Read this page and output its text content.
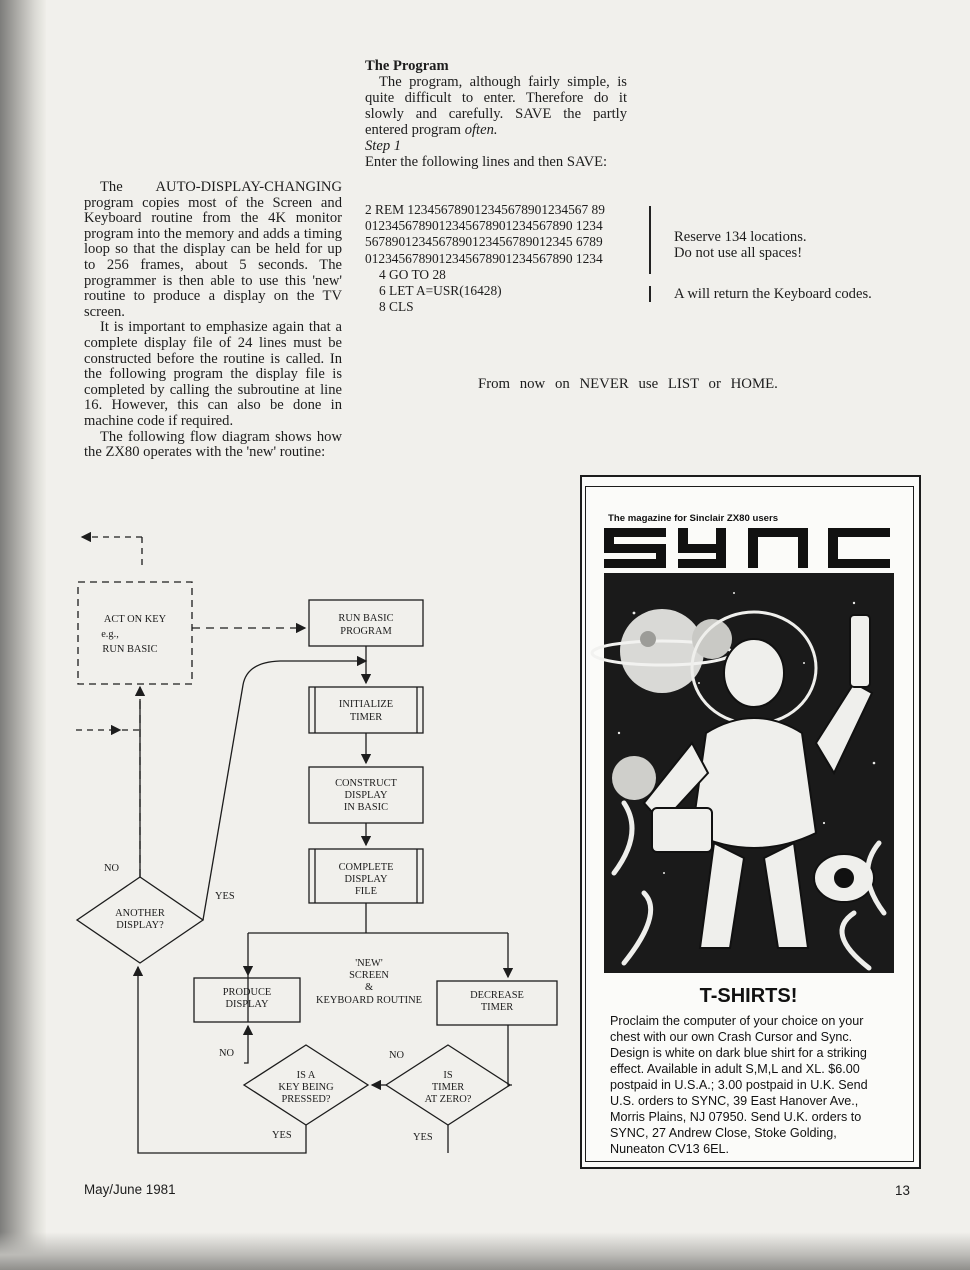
The AUTO-DISPLAY-CHANGING program copies most of the Screen and Keyboard routine from the 4K monitor program into the memory and adds a timing loop so that the display can be held for up to 256 frames, about 5 seconds. The programmer is then able to use this 'new' routine to produce a display on the TV screen.

It is important to emphasize again that a complete display file of 24 lines must be constructed before the routine is called. In the following program the display file is completed by calling the subroutine at line 16. However, this can also be done in machine code if required.

The following flow diagram shows how the ZX80 operates with the 'new' routine:

The Program

The program, although fairly simple, is quite difficult to enter. Therefore do it slowly and carefully. SAVE the partly entered program often.

Step 1

Enter the following lines and then SAVE:

2 REM 123456789012345678901234567 89
0123456789012345678901234567890 1234
5678901234567890123456789012345 6789
0123456789012345678901234567890 1234
4 GO TO 28
6 LET A=USR(16428)
8 CLS
Reserve 134 locations.
Do not use all spaces!
A will return the Keyboard codes.
From now on NEVER use LIST or HOME.
ACT ON KEY
e.g.,
RUN BASIC
RUN BASIC
PROGRAM
INITIALIZE
TIMER
CONSTRUCT
DISPLAY
IN BASIC
COMPLETE
DISPLAY
FILE
ANOTHER
DISPLAY?
'NEW'
SCREEN
&
KEYBOARD ROUTINE
PRODUCE
DISPLAY
DECREASE
TIMER
IS A
KEY BEING
PRESSED?
IS
TIMER
AT ZERO?
NO
YES
NO	NO
YES	YES
The magazine for Sinclair ZX80 users
T-SHIRTS!
Proclaim the computer of your choice on your chest with our own Crash Cursor and Sync. Design is white on dark blue shirt for a striking effect. Available in adult S,M,L and XL. $6.00 postpaid in U.S.A.; 3.00 postpaid in U.K. Send U.S. orders to SYNC, 39 East Hanover Ave., Morris Plains, NJ 07950. Send U.K. orders to SYNC, 27 Andrew Close, Stoke Golding, Nuneaton CV13 6EL.
May/June 1981	13
